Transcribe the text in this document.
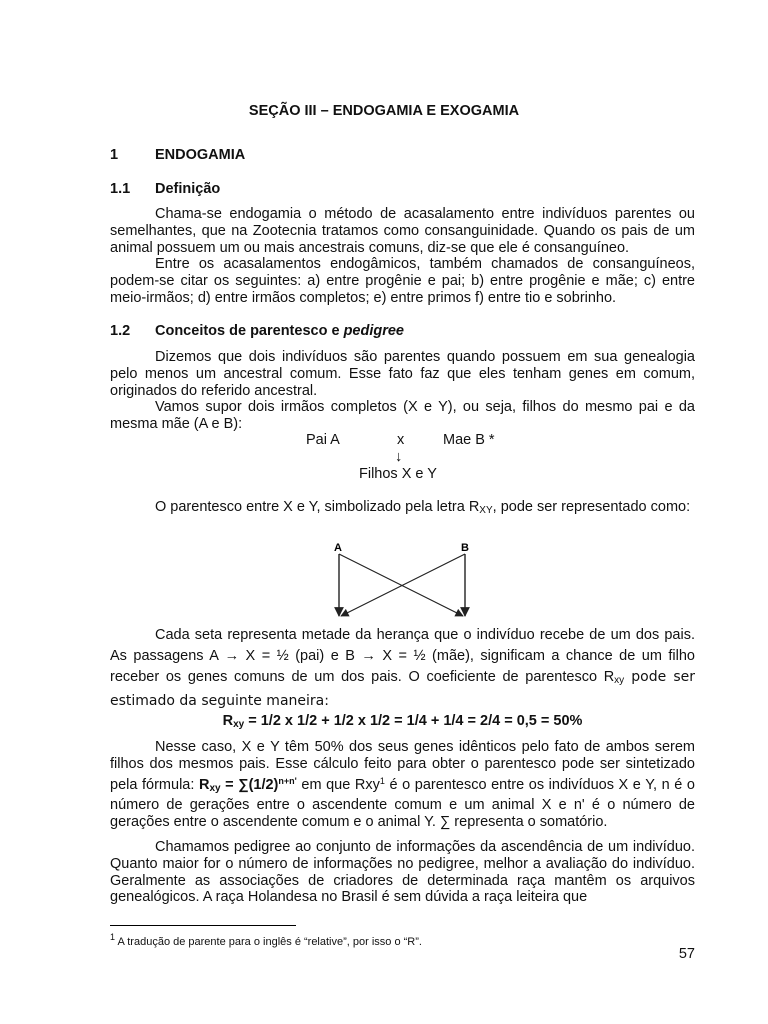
SEÇÃO III – ENDOGAMIA E EXOGAMIA
1	ENDOGAMIA
1.1 Definição
Chama-se endogamia o método de acasalamento entre indivíduos parentes ou semelhantes, que na Zootecnia tratamos como consanguinidade. Quando os pais de um animal possuem um ou mais ancestrais comuns, diz-se que ele é consanguíneo.
Entre os acasalamentos endogâmicos, também chamados de consanguíneos, podem-se citar os seguintes: a) entre progênie e pai; b) entre progênie e mãe; c) entre meio-irmãos; d) entre irmãos completos; e) entre primos f) entre tio e sobrinho.
1.2 Conceitos de parentesco e pedigree
Dizemos que dois indivíduos são parentes quando possuem em sua genealogia pelo menos um ancestral comum. Esse fato faz que eles tenham genes em comum, originados do referido ancestral.
Vamos supor dois irmãos completos (X e Y), ou seja, filhos do mesmo pai e da mesma mãe (A e B):
Pai A	x	Mae B *
↓
Filhos X e Y
O parentesco entre X e Y, simbolizado pela letra $R_{XY}$, pode ser representado como:
A	B
Cada seta representa metade da herança que o indivíduo recebe de um dos pais. As passagens A → X = ½ (pai) e B → X = ½ (mãe), significam a chance de um filho receber os genes comuns de um dos pais. O coeficiente de parentesco $R_{xy}$ pode ser estimado da seguinte maneira:
$R_{xy} = 1/2$ x 1/2 + 1/2 x 1/2 = 1/4 + 1/4 = 2/4 = 0,5 = 50%
Nesse caso, X e Y têm 50% dos seus genes idênticos pelo fato de ambos serem filhos dos mesmos pais. Esse cálculo feito para obter o parentesco pode ser sintetizado pela fórmula: $R_{xy} = \sum(1/2)^{n+n'}$ em que Rxy$^1$ é o parentesco entre os indivíduos X e Y, n é o número de gerações entre o ascendente comum e um animal X e n' é o número de gerações entre o ascendente comum e o animal Y. ∑ representa o somatório.
Chamamos pedigree ao conjunto de informações da ascendência de um indivíduo. Quanto maior for o número de informações no pedigree, melhor a avaliação do indivíduo. Geralmente as associações de criadores de determinada raça mantêm os arquivos genealógicos. A raça Holandesa no Brasil é sem dúvida a raça leiteira que
$^1$ A tradução de parente para o inglês é “relative”, por isso o “R”.
57
